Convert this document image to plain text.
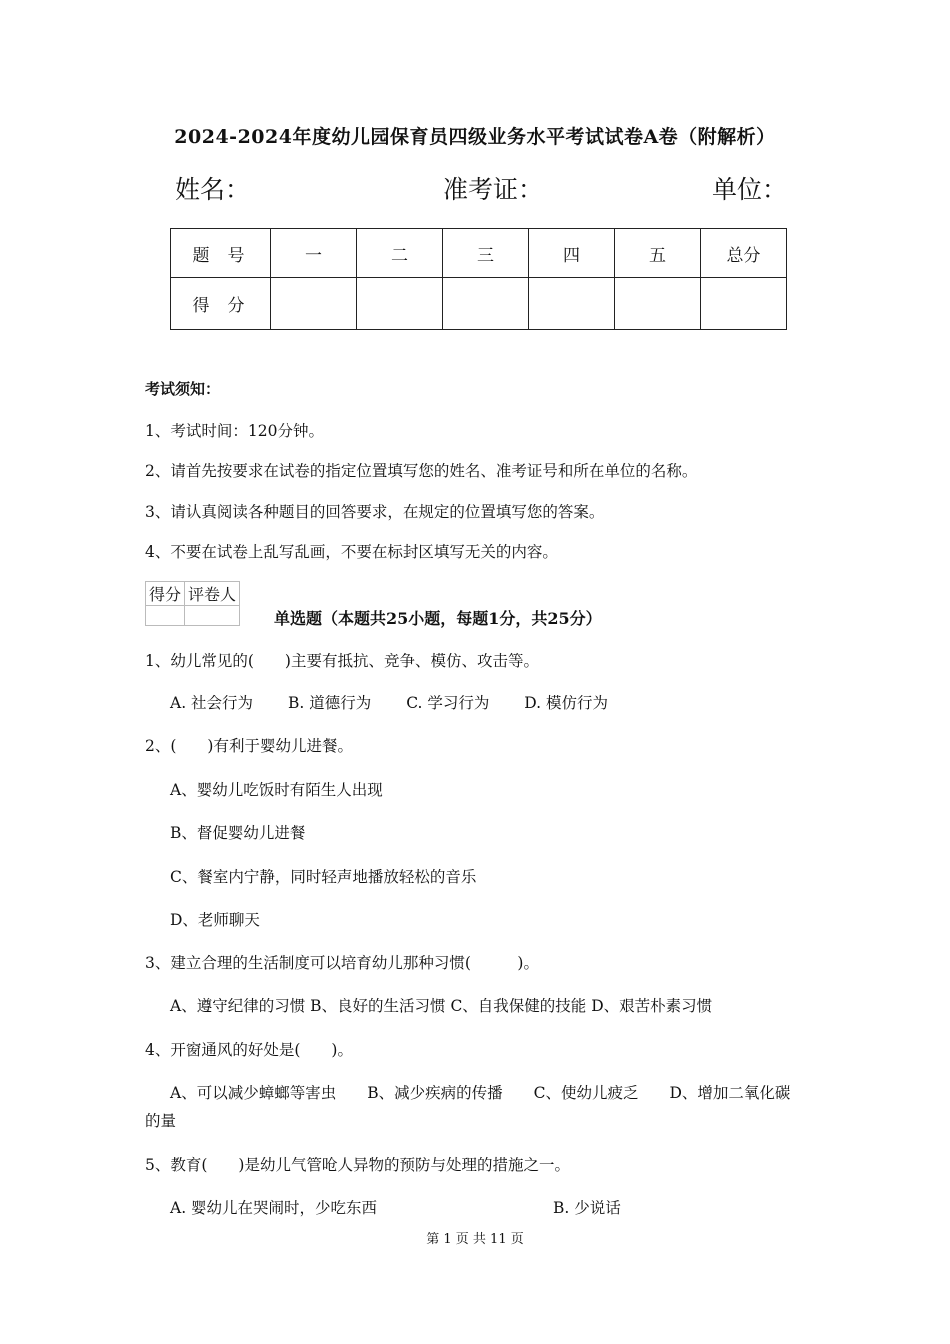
2024-2024年度幼儿园保育员四级业务水平考试试卷A卷（附解析）
姓名：	准考证：	单位：
题号	一	二	三	四	五	总分
得分						
考试须知：
1、考试时间：120分钟。
2、请首先按要求在试卷的指定位置填写您的姓名、准考证号和所在单位的名称。
3、请认真阅读各种题目的回答要求，在规定的位置填写您的答案。
4、不要在试卷上乱写乱画，不要在标封区填写无关的内容。
得分	评卷人

单选题（本题共25小题，每题1分，共25分）
1、幼儿常见的(　　)主要有抵抗、竞争、模仿、攻击等。
A. 社会行为 B. 道德行为 C. 学习行为 D. 模仿行为
2、(　　)有利于婴幼儿进餐。
A、婴幼儿吃饭时有陌生人出现
B、督促婴幼儿进餐
C、餐室内宁静，同时轻声地播放轻松的音乐
D、老师聊天
3、建立合理的生活制度可以培育幼儿那种习惯(　　　)。
A、遵守纪律的习惯 B、良好的生活习惯 C、自我保健的技能 D、艰苦朴素习惯
4、开窗通风的好处是(　　)。
A、可以减少蟑螂等害虫　　B、减少疾病的传播　　C、使幼儿疲乏　　D、增加二氧化碳
的量
5、教育(　　)是幼儿气管呛人异物的预防与处理的措施之一。
A. 婴幼儿在哭闹时，少吃东西	B. 少说话
第 1 页 共 11 页
